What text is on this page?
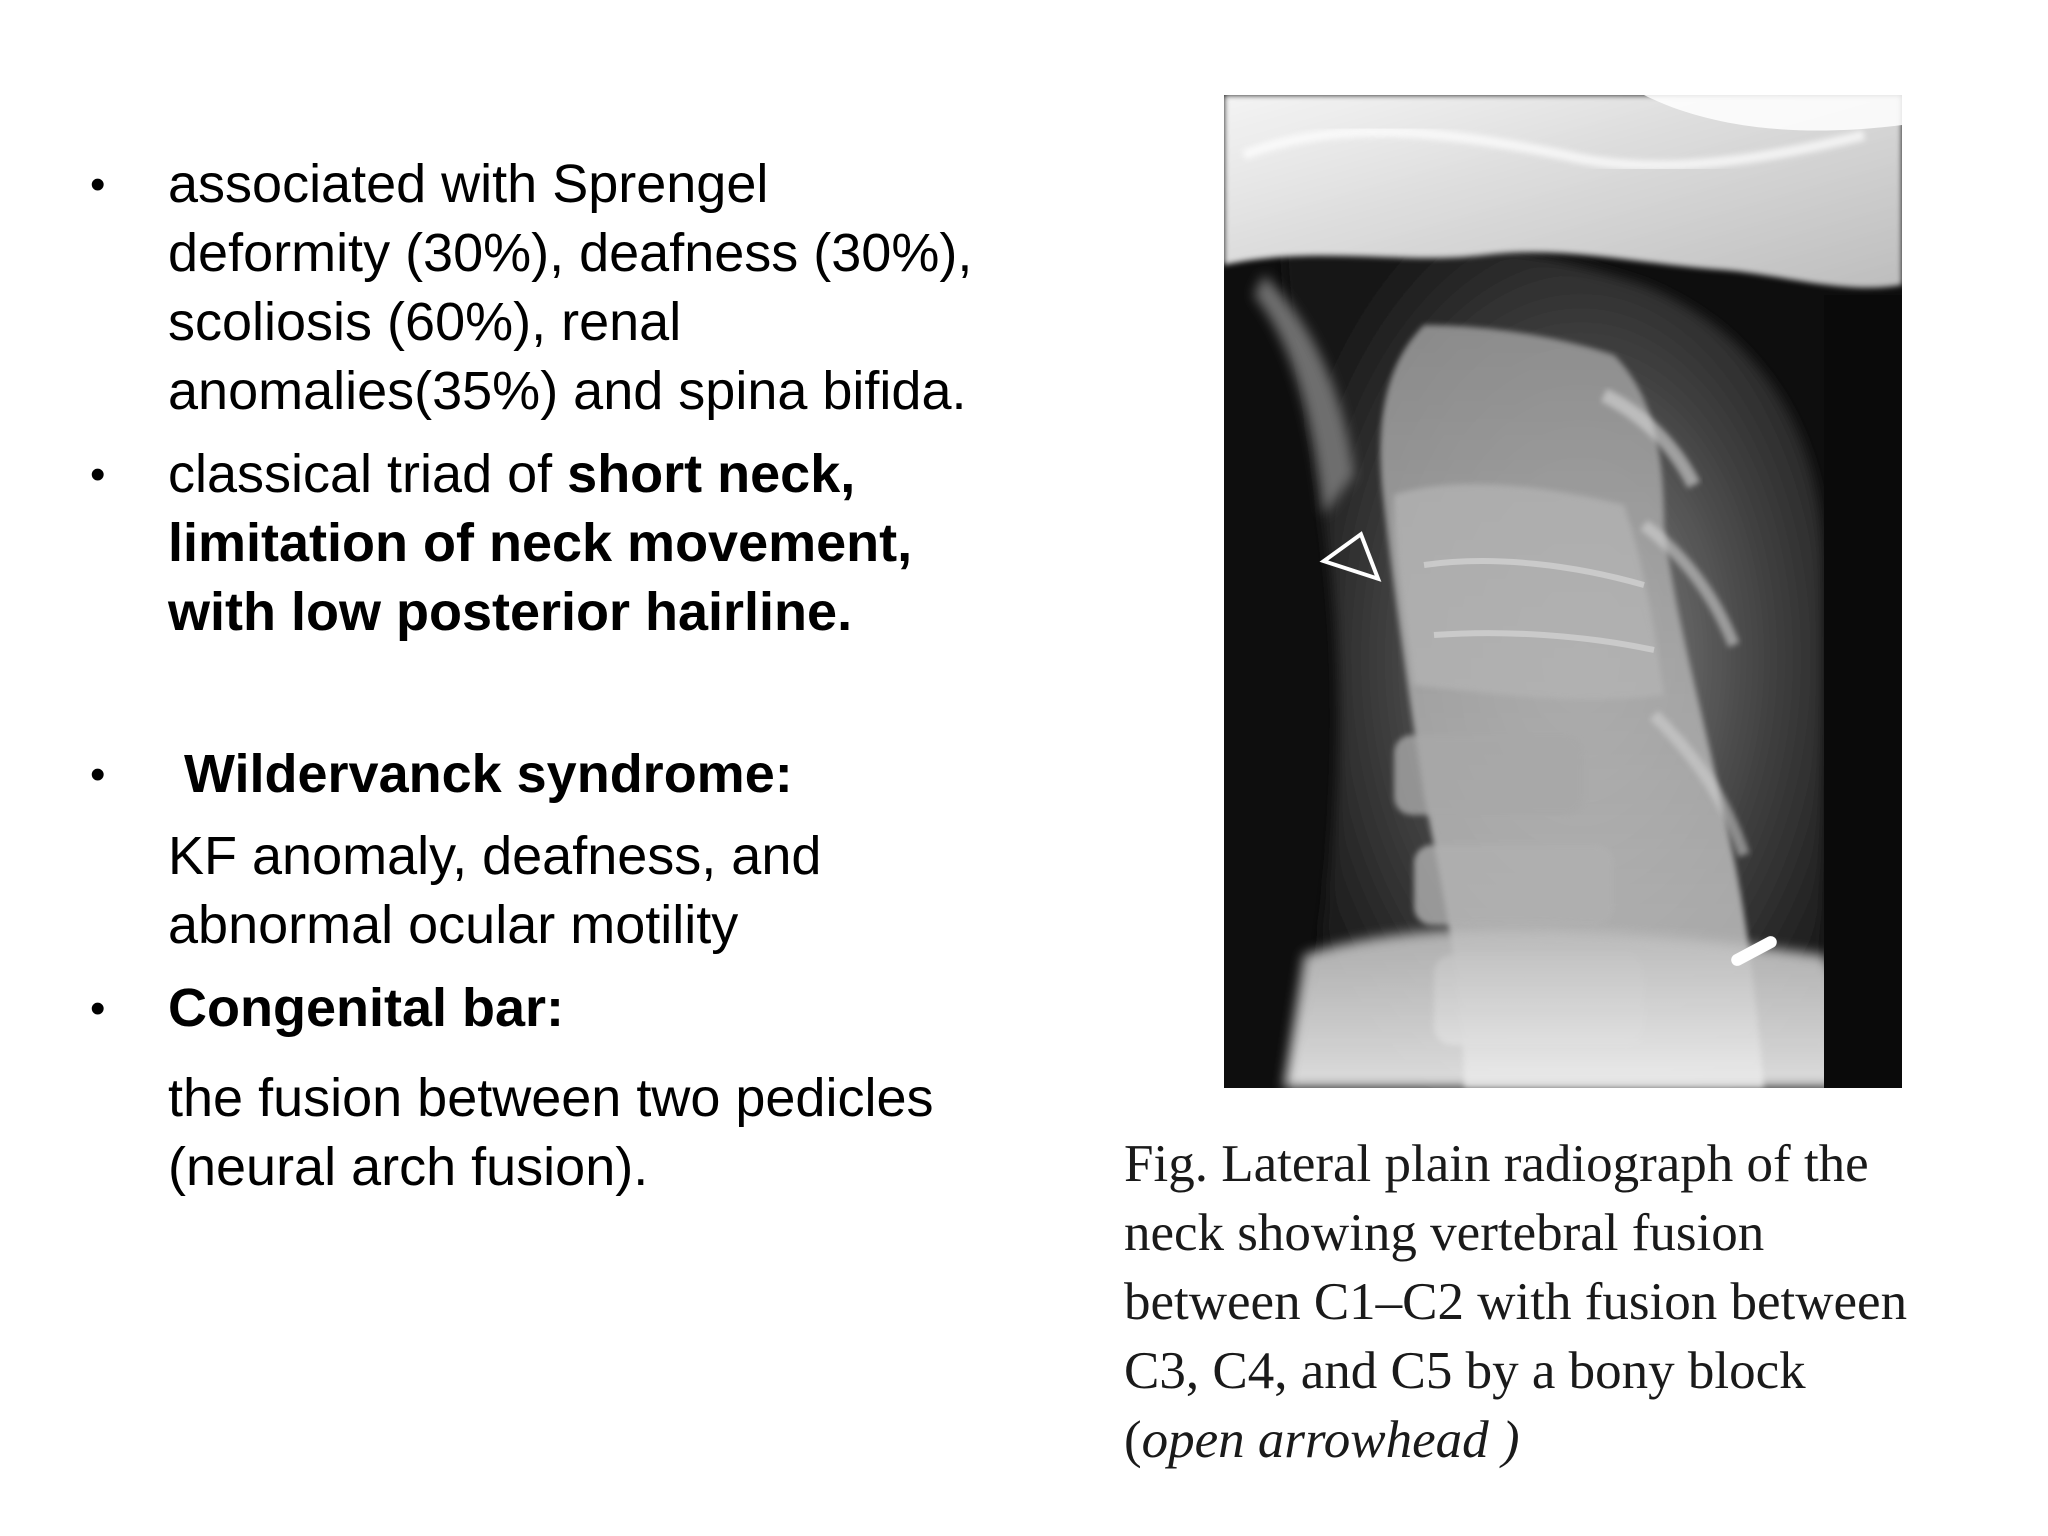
• associated with Sprengel
deformity (30%), deafness (30%),
scoliosis (60%), renal
anomalies(35%) and spina bifida.
• classical triad of short neck,
limitation of neck movement,
with low posterior hairline.
• Wildervanck syndrome:
KF anomaly, deafness, and
abnormal ocular motility
• Congenital bar:
the fusion between two pedicles
(neural arch fusion).	Fig. Lateral plain radiograph of the
neck showing vertebral fusion
between C1–C2 with fusion between
C3, C4, and C5 by a bony block
(open arrowhead )
